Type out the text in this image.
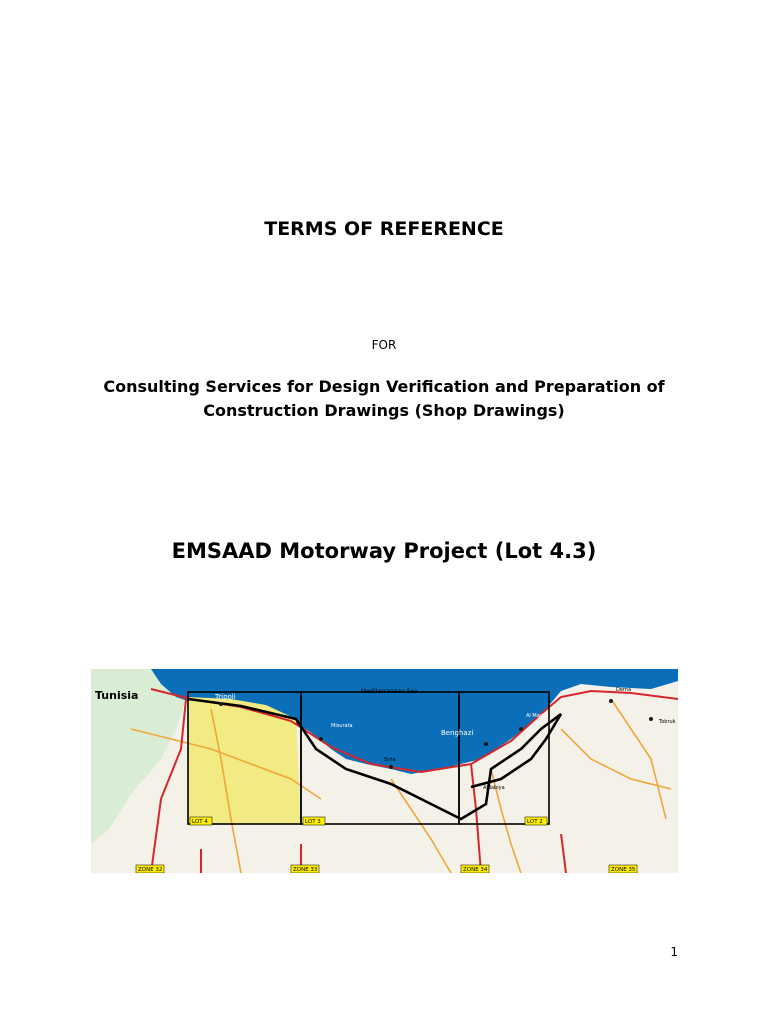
TERMS OF REFERENCE
FOR
Consulting Services for Design Verification and Preparation of
Construction Drawings (Shop Drawings)
EMSAAD Motorway Project (Lot 4.3)
Tunisia	Mediterranean Sea
Tripoli
Benghazi
Derna
Tobruk
Misurata
Sirte
Ajdabiya
Al Marj
LOT 4	LOT 3	LOT 2
ZONE 32	ZONE 33	ZONE 34	ZONE 35
1
